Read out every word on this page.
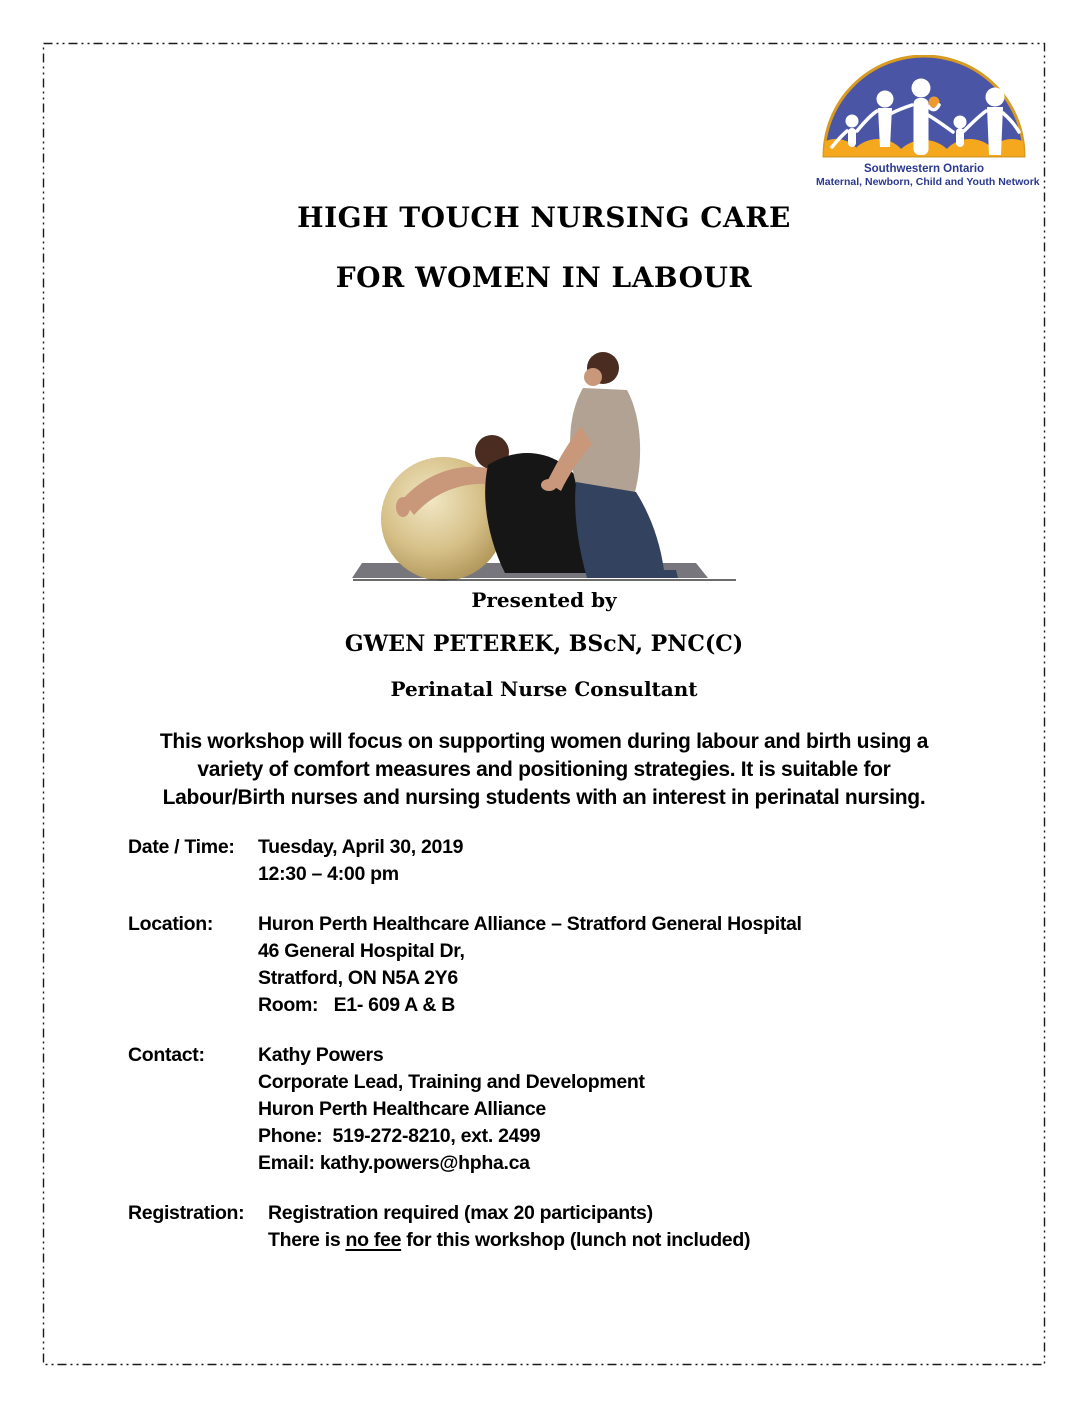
Southwestern Ontario
Maternal, Newborn, Child and Youth Network
HIGH TOUCH NURSING CARE
FOR WOMEN IN LABOUR
Presented by
GWEN PETEREK, BScN, PNC(C)
Perinatal Nurse Consultant
This workshop will focus on supporting women during labour and birth using a
variety of comfort measures and positioning strategies. It is suitable for
Labour/Birth nurses and nursing students with an interest in perinatal nursing.
Date / Time:	Tuesday, April 30, 2019
12:30 – 4:00 pm
Location:	Huron Perth Healthcare Alliance – Stratford General Hospital
46 General Hospital Dr,
Stratford, ON N5A 2Y6
Room:   E1- 609 A & B
Contact:	Kathy Powers
Corporate Lead, Training and Development
Huron Perth Healthcare Alliance
Phone:  519-272-8210, ext. 2499
Email: kathy.powers@hpha.ca
Registration:	Registration required (max 20 participants)
There is no fee for this workshop (lunch not included)
